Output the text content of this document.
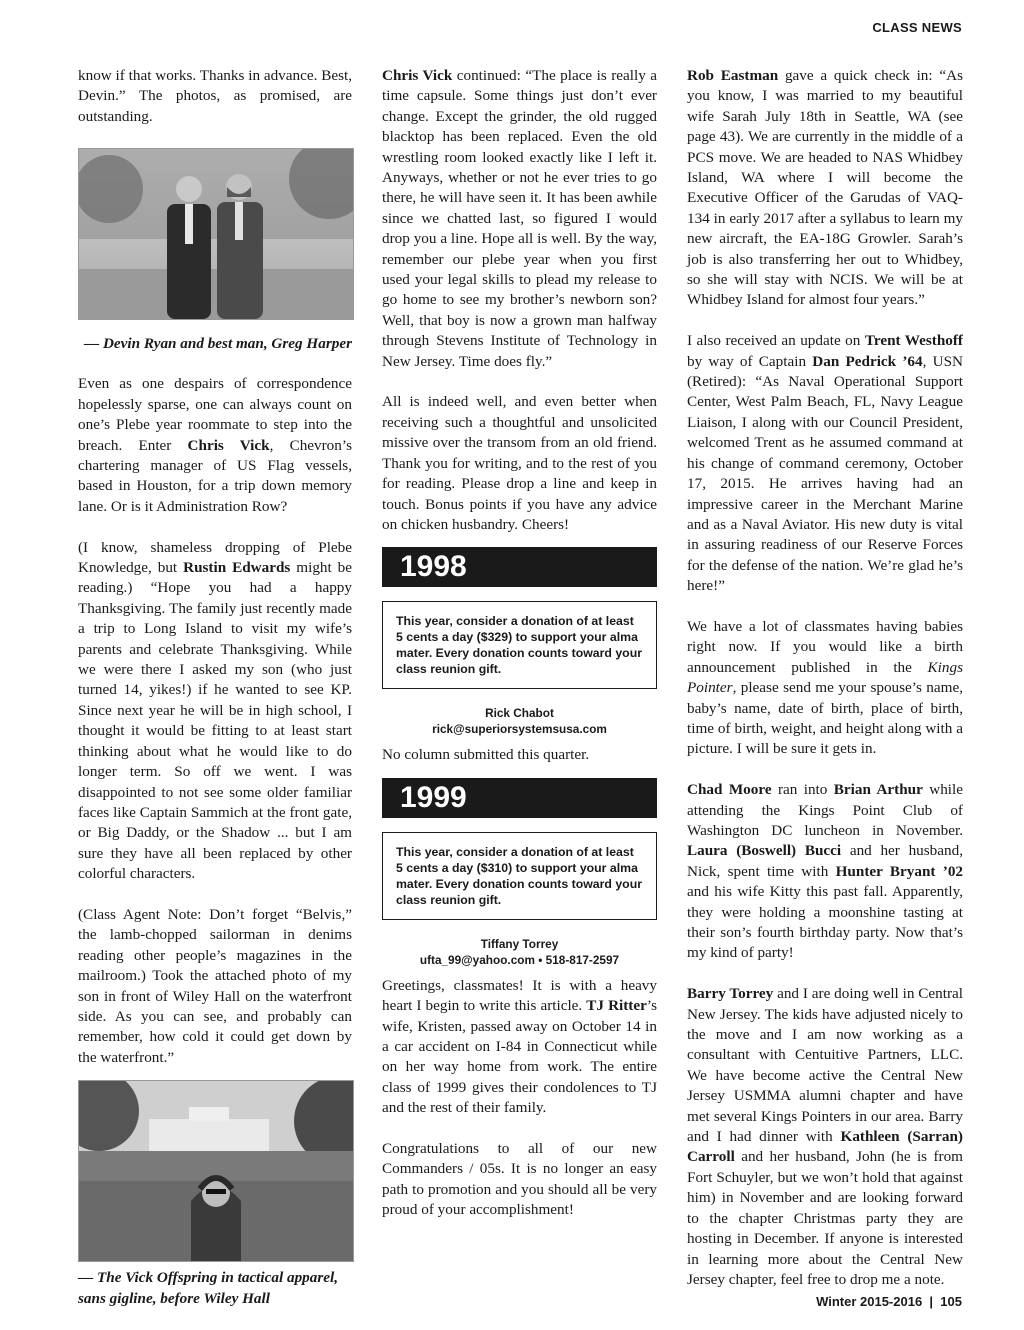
CLASS NEWS

know if that works. Thanks in advance. Best, Devin.” The photos, as promised, are outstanding.

— Devin Ryan and best man, Greg Harper

Even as one despairs of correspondence hopelessly sparse, one can always count on one’s Plebe year roommate to step into the breach. Enter Chris Vick, Chevron’s chartering manager of US Flag vessels, based in Houston, for a trip down memory lane. Or is it Administration Row?

(I know, shameless dropping of Plebe Knowledge, but Rustin Edwards might be reading.) “Hope you had a happy Thanksgiving. The family just recently made a trip to Long Island to visit my wife’s parents and celebrate Thanksgiving. While we were there I asked my son (who just turned 14, yikes!) if he wanted to see KP. Since next year he will be in high school, I thought it would be fitting to at least start thinking about what he would like to do longer term. So off we went. I was disappointed to not see some older familiar faces like Captain Sammich at the front gate, or Big Daddy, or the Shadow ... but I am sure they have all been replaced by other colorful characters.

(Class Agent Note: Don’t forget “Belvis,” the lamb-chopped sailorman in denims reading other people’s magazines in the mailroom.) Took the attached photo of my son in front of Wiley Hall on the waterfront side. As you can see, and probably can remember, how cold it could get down by the waterfront.”

— The Vick Offspring in tactical apparel, sans gigline, before Wiley Hall

Chris Vick continued: “The place is really a time capsule. Some things just don’t ever change. Except the grinder, the old rugged blacktop has been replaced. Even the old wrestling room looked exactly like I left it. Anyways, whether or not he ever tries to go there, he will have seen it. It has been awhile since we chatted last, so figured I would drop you a line. Hope all is well. By the way, remember our plebe year when you first used your legal skills to plead my release to go home to see my brother’s newborn son? Well, that boy is now a grown man halfway through Stevens Institute of Technology in New Jersey. Time does fly.”

All is indeed well, and even better when receiving such a thoughtful and unsolicited missive over the transom from an old friend. Thank you for writing, and to the rest of you for reading. Please drop a line and keep in touch. Bonus points if you have any advice on chicken husbandry. Cheers!

1998
This year, consider a donation of at least 5 cents a day ($329) to support your alma mater. Every donation counts toward your class reunion gift.
Rick Chabot
rick@superiorsystemsusa.com

No column submitted this quarter.

1999
This year, consider a donation of at least 5 cents a day ($310) to support your alma mater. Every donation counts toward your class reunion gift.
Tiffany Torrey
ufta_99@yahoo.com • 518-817-2597

Greetings, classmates! It is with a heavy heart I begin to write this article. TJ Ritter’s wife, Kristen, passed away on October 14 in a car accident on I-84 in Connecticut while on her way home from work. The entire class of 1999 gives their condolences to TJ and the rest of their family.

Congratulations to all of our new Commanders / 05s. It is no longer an easy path to promotion and you should all be very proud of your accomplishment!

Rob Eastman gave a quick check in: “As you know, I was married to my beautiful wife Sarah July 18th in Seattle, WA (see page 43). We are currently in the middle of a PCS move. We are headed to NAS Whidbey Island, WA where I will become the Executive Officer of the Garudas of VAQ-134 in early 2017 after a syllabus to learn my new aircraft, the EA-18G Growler. Sarah’s job is also transferring her out to Whidbey, so she will stay with NCIS. We will be at Whidbey Island for almost four years.”

I also received an update on Trent Westhoff by way of Captain Dan Pedrick ’64, USN (Retired): “As Naval Operational Support Center, West Palm Beach, FL, Navy League Liaison, I along with our Council President, welcomed Trent as he assumed command at his change of command ceremony, October 17, 2015. He arrives having had an impressive career in the Merchant Marine and as a Naval Aviator. His new duty is vital in assuring readiness of our Reserve Forces for the defense of the nation. We’re glad he’s here!”

We have a lot of classmates having babies right now. If you would like a birth announcement published in the Kings Pointer, please send me your spouse’s name, baby’s name, date of birth, place of birth, time of birth, weight, and height along with a picture. I will be sure it gets in.

Chad Moore ran into Brian Arthur while attending the Kings Point Club of Washington DC luncheon in November. Laura (Boswell) Bucci and her husband, Nick, spent time with Hunter Bryant ’02 and his wife Kitty this past fall. Apparently, they were holding a moonshine tasting at their son’s fourth birthday party. Now that’s my kind of party!

Barry Torrey and I are doing well in Central New Jersey. The kids have adjusted nicely to the move and I am now working as a consultant with Centuitive Partners, LLC. We have become active the Central New Jersey USMMA alumni chapter and have met several Kings Pointers in our area. Barry and I had dinner with Kathleen (Sarran) Carroll and her husband, John (he is from Fort Schuyler, but we won’t hold that against him) in November and are looking forward to the chapter Christmas party they are hosting in December. If anyone is interested in learning more about the Central New Jersey chapter, feel free to drop me a note.

Winter 2015-2016 | 105
